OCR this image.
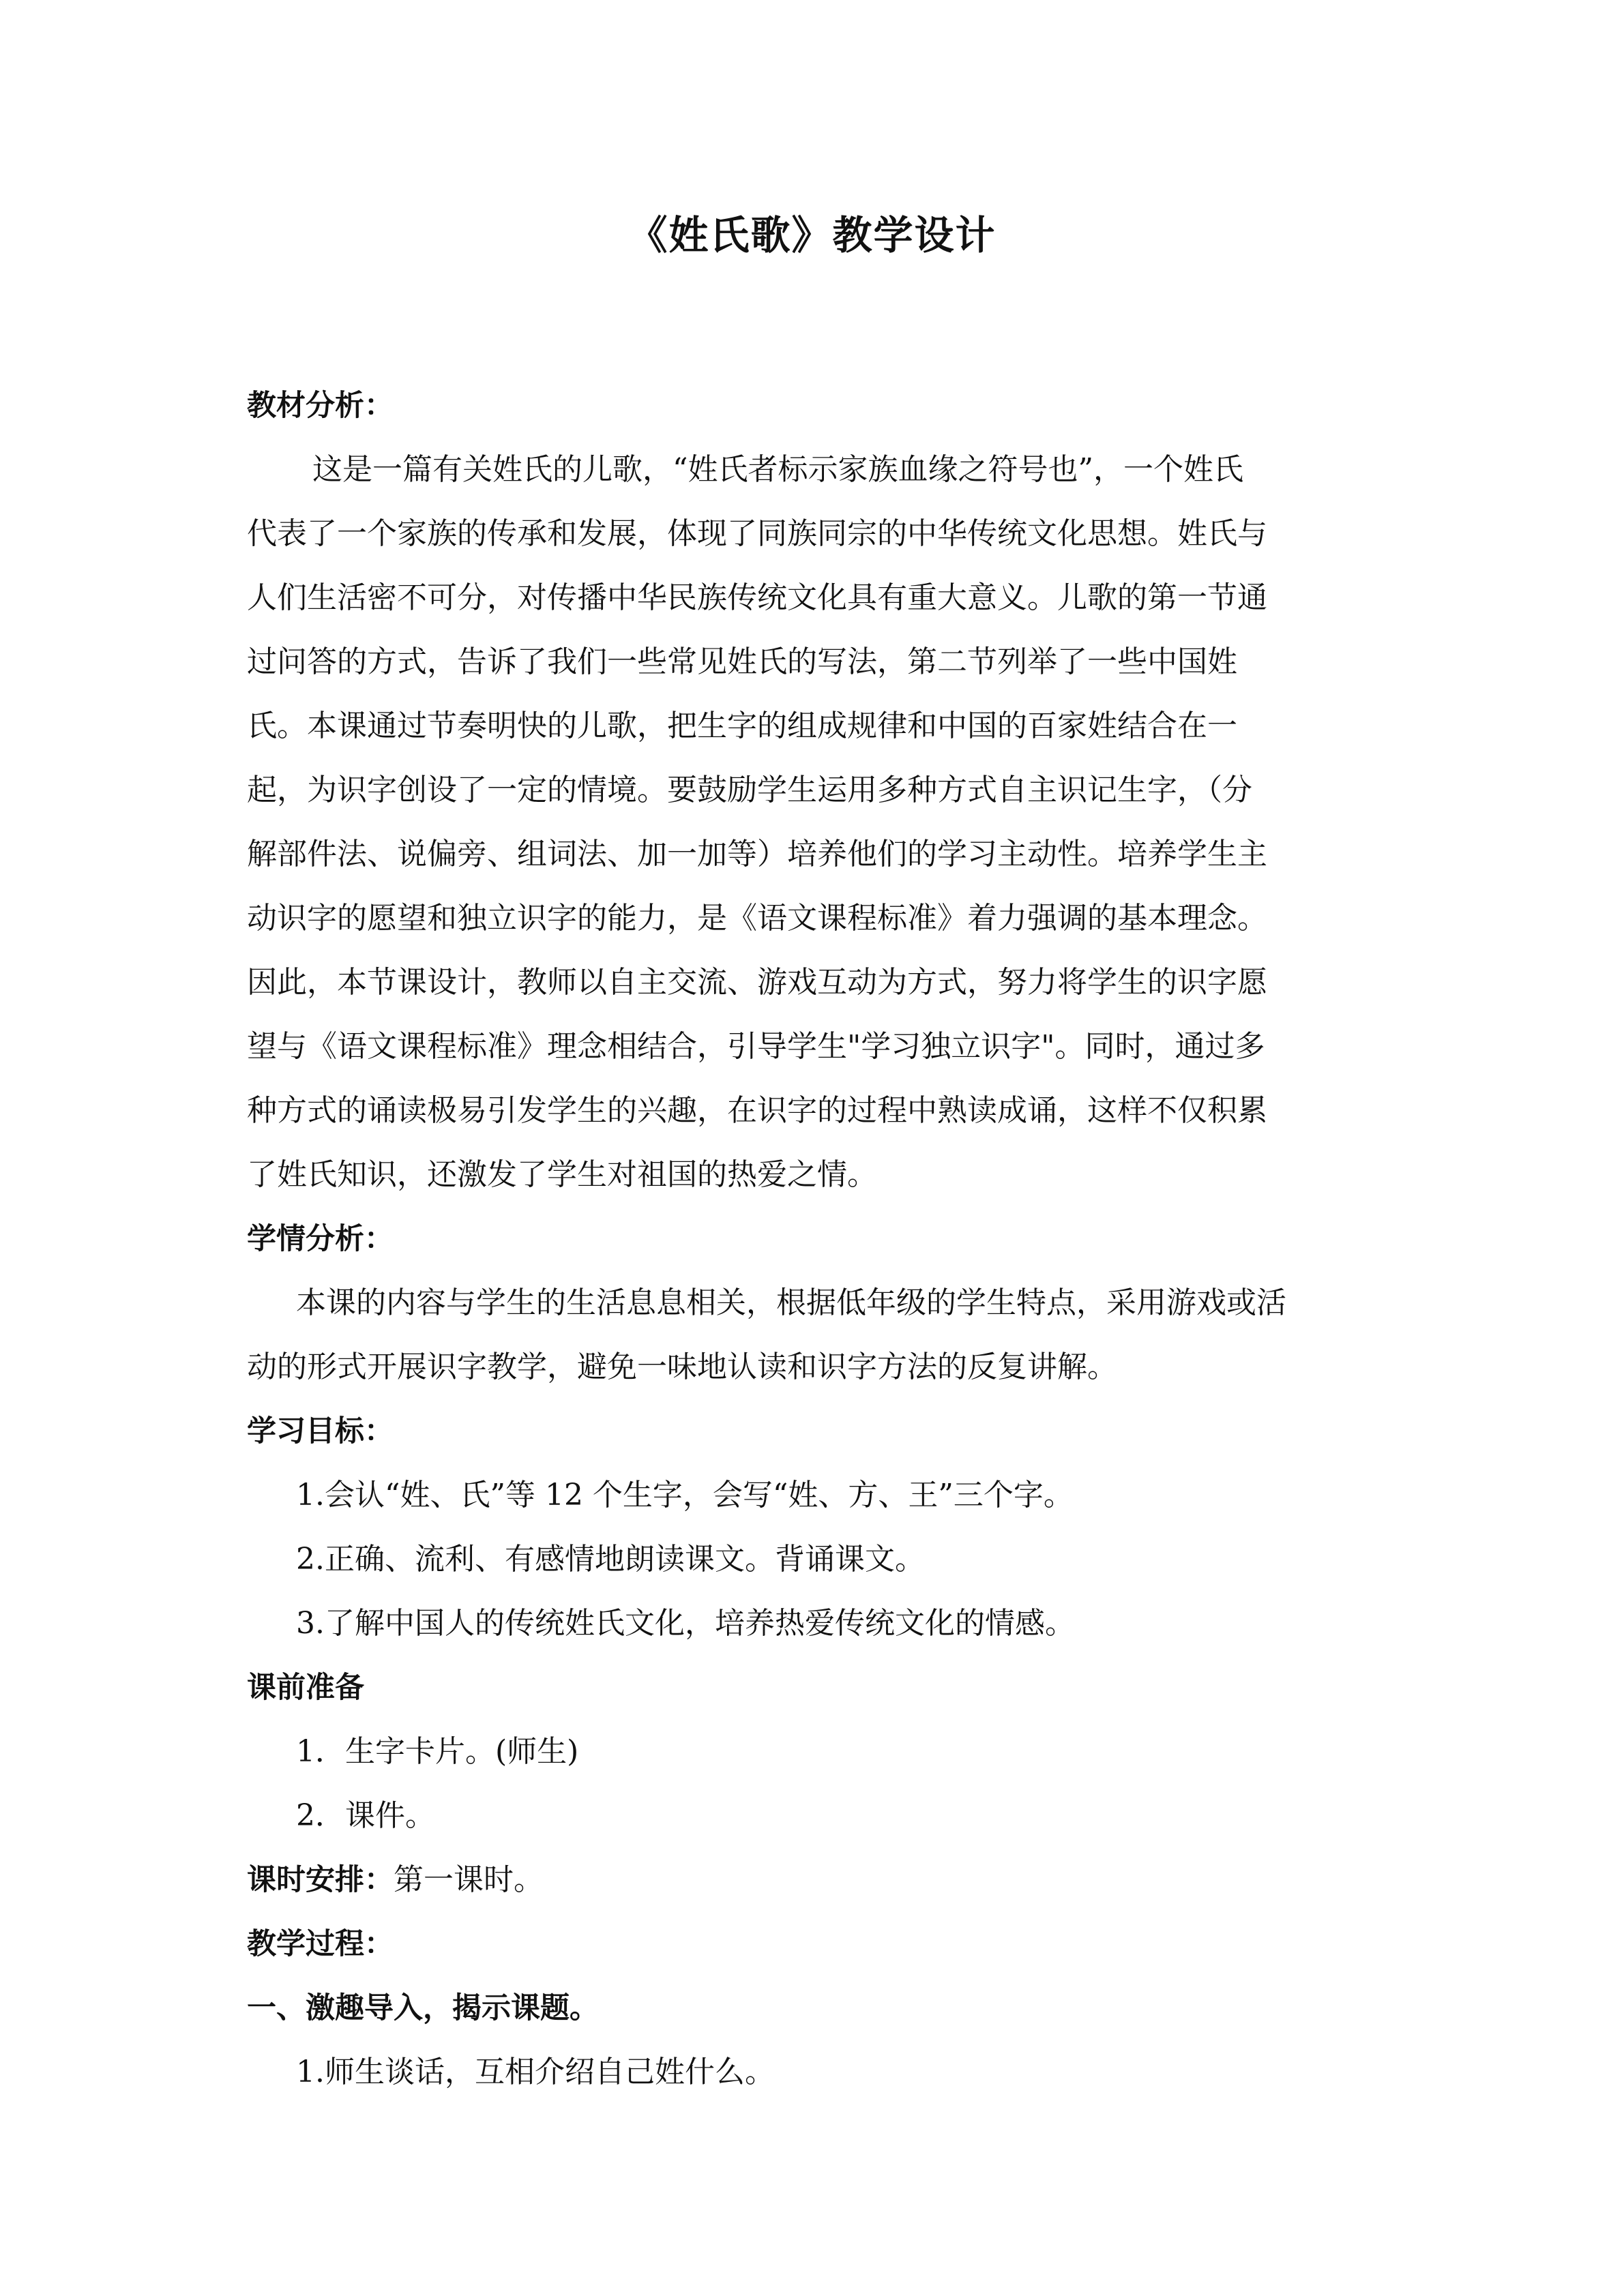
《姓氏歌》教学设计
教材分析：
这是一篇有关姓氏的儿歌，“姓氏者标示家族血缘之符号也”，一个姓氏
代表了一个家族的传承和发展，体现了同族同宗的中华传统文化思想。姓氏与
人们生活密不可分，对传播中华民族传统文化具有重大意义。儿歌的第一节通
过问答的方式，告诉了我们一些常见姓氏的写法，第二节列举了一些中国姓
氏。本课通过节奏明快的儿歌，把生字的组成规律和中国的百家姓结合在一
起，为识字创设了一定的情境。要鼓励学生运用多种方式自主识记生字，（分
解部件法、说偏旁、组词法、加一加等）培养他们的学习主动性。培养学生主
动识字的愿望和独立识字的能力，是《语文课程标准》着力强调的基本理念。
因此，本节课设计，教师以自主交流、游戏互动为方式，努力将学生的识字愿
望与《语文课程标准》理念相结合，引导学生"学习独立识字"。同时，通过多
种方式的诵读极易引发学生的兴趣，在识字的过程中熟读成诵，这样不仅积累
了姓氏知识，还激发了学生对祖国的热爱之情。
学情分析：
本课的内容与学生的生活息息相关，根据低年级的学生特点，采用游戏或活
动的形式开展识字教学，避免一味地认读和识字方法的反复讲解。
学习目标：
1.会认“姓、氏”等 12 个生字，会写“姓、方、王”三个字。
2.正确、流利、有感情地朗读课文。背诵课文。
3.了解中国人的传统姓氏文化，培养热爱传统文化的情感。
课前准备
1．生字卡片。(师生)
2．课件。
课时安排：第一课时。
教学过程：
一、激趣导入，揭示课题。
1.师生谈话，互相介绍自己姓什么。
